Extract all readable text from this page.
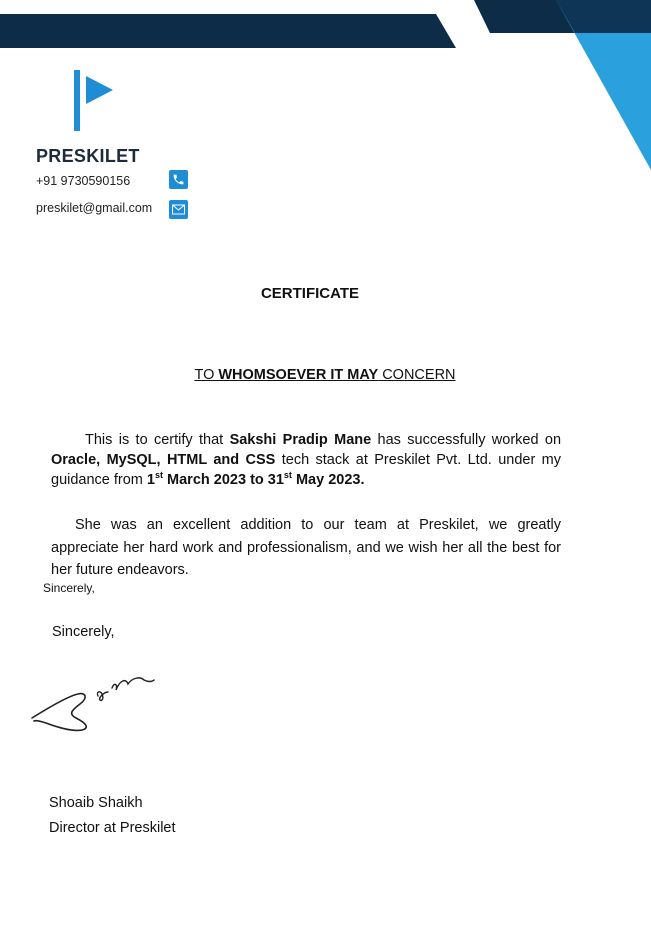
PRESKILET
+91 9730590156
preskilet@gmail.com
CERTIFICATE
TO WHOMSOEVER IT MAY CONCERN
This is to certify that Sakshi Pradip Mane has successfully worked on Oracle, MySQL, HTML and CSS tech stack at Preskilet Pvt. Ltd. under my guidance from 1st March 2023 to 31st May 2023.
She was an excellent addition to our team at Preskilet, we greatly appreciate her hard work and professionalism, and we wish her all the best for her future endeavors.
Sincerely,
Sincerely,
Shoaib Shaikh
Director at Preskilet
